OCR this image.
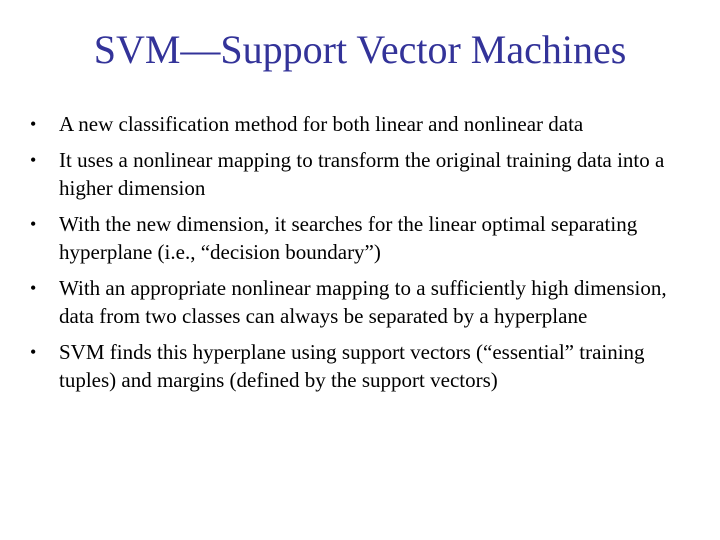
SVM—Support Vector Machines
• A new classification method for both linear and nonlinear data
• It uses a nonlinear mapping to transform the original training data into a higher dimension
• With the new dimension, it searches for the linear optimal separating hyperplane (i.e., “decision boundary”)
• With an appropriate nonlinear mapping to a sufficiently high dimension, data from two classes can always be separated by a hyperplane
• SVM finds this hyperplane using support vectors (“essential” training tuples) and margins (defined by the support vectors)
